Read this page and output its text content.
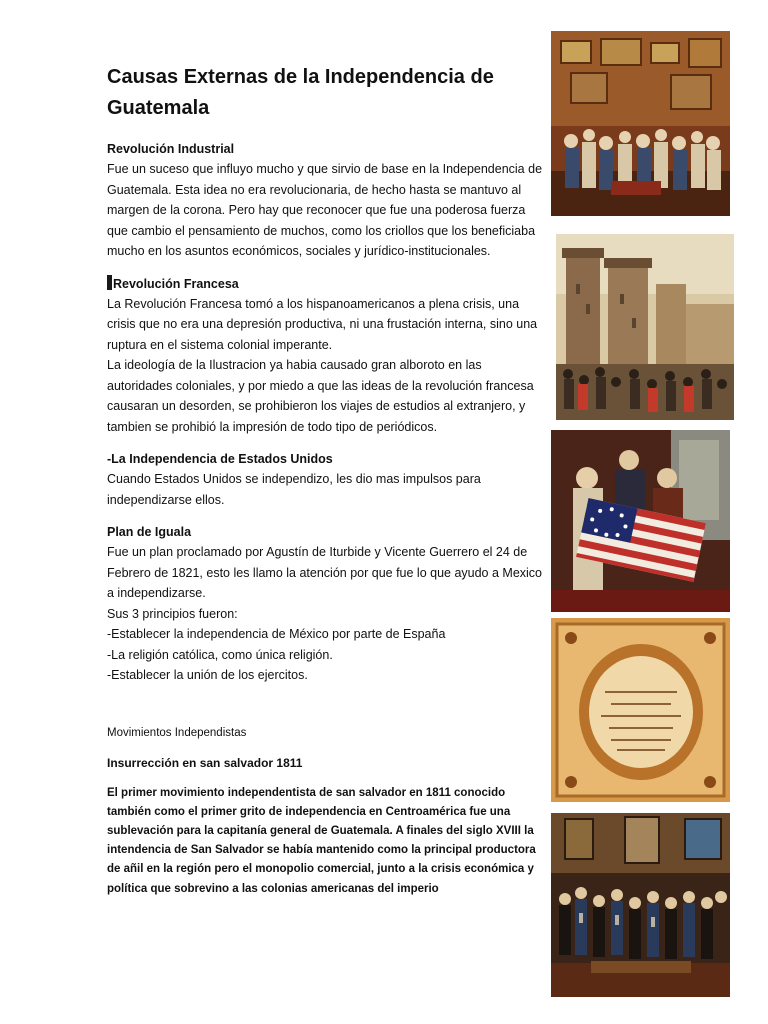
Causas Externas de la Independencia de Guatemala

Revolución Industrial

Fue un suceso que influyo mucho y que sirvio de base en la Independencia de Guatemala. Esta idea no era revolucionaria, de hecho hasta se mantuvo al margen de la corona. Pero hay que reconocer que fue una poderosa fuerza que cambio el pensamiento de muchos, como los criollos que los beneficiaba mucho en los asuntos económicos, sociales y jurídico-institucionales.

Revolución Francesa

La Revolución Francesa tomó a los hispanoamericanos a plena crisis, una crisis que no era una depresión productiva, ni una frustación interna, sino una ruptura en el sistema colonial imperante.
La ideología de la Ilustracion ya habia causado gran alboroto en las autoridades coloniales, y por miedo a que las ideas de la revolución francesa causaran un desorden, se prohibieron los viajes de estudios al extranjero, y tambien se prohibió la impresión de todo tipo de periódicos.

-La Independencia de Estados Unidos

Cuando Estados Unidos se independizo, les dio mas impulsos para independizarse ellos.

Plan de Iguala

Fue un plan proclamado por Agustín de Iturbide y Vicente Guerrero el 24 de Febrero de 1821, esto les llamo la atención por que fue lo que ayudo a Mexico a independizarse.
Sus 3 principios fueron:
-Establecer la independencia de México por parte de España
-La religión católica, como única religión.
-Establecer la unión de los ejercitos.

Movimientos Independistas

Insurrección en san salvador 1811

El primer movimiento independentista de san salvador en 1811 conocido también como el primer grito de independencia en Centroamérica fue una sublevación para la capitanía general de Guatemala. A finales del siglo XVIII la intendencia de San Salvador se había mantenido como la principal productora de añil en la región pero el monopolio comercial, junto a la crisis económica y política que sobrevino a las colonias americanas del imperio
